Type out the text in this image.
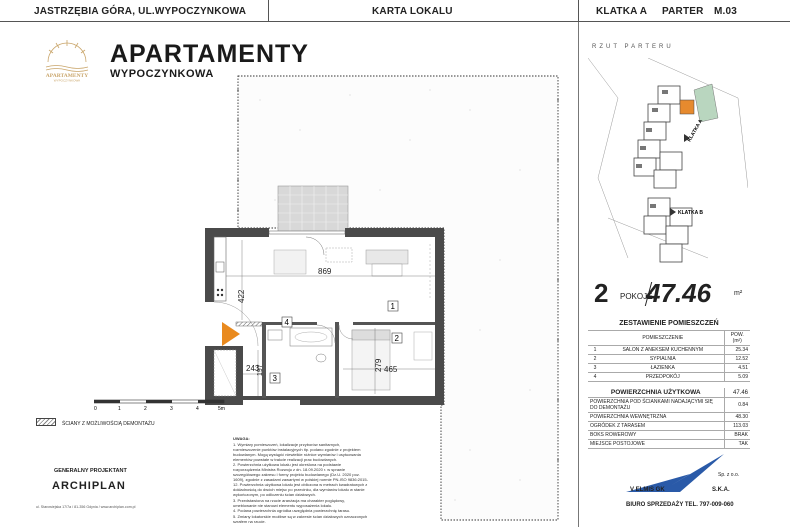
JASTRZĘBIA GÓRA, UL.WYPOCZYNKOWA	KARTA LOKALU	KLATKA A PARTER M.03
APARTAMENTY
WYPOCZYNKOWA
APARTAMENTY
WYPOCZYNKOWA
869
422
279 465
243
197
1
2
3
4
0	1	2	3	4	5m
ŚCIANY Z MOŻLIWOŚCIĄ DEMONTAŻU

UWAGA:

1. Wymiary pomieszczeń, lokalizacje przyborów sanitarnych, rozmieszczenie punktów instalacyjnych itp. podano zgodnie z projektem budowlanym. Mogą wystąpić niewielkie różnice wymiarów i usytuowania elementów powstałe w trakcie realizacji prac budowlanych.

2. Powierzchnia użytkowa lokalu jest określona na podstawie rozporządzenia Ministra Rozwoju z dn. 18.09.2020 r. w sprawie szczegółowego zakresu i formy projektu budowlanego (Dz.U. 2020 poz. 1609), zgodnie z zasadami zawartymi w polskiej normie PN-ISO 9836:2015-12. Powierzchnia użytkowa lokalu jest obliczona w metrach kwadratowych z dokładnością do dwóch miejsc po przecinku, dla wymiarów lokalu w stanie wykończonym, po odliczeniu ścian działowych.

3. Przedstawiona na rzucie aranżacja ma charakter poglądowy, umeblowanie nie stanowi elementu wyposażenia lokalu.

4. Podana powierzchnia ogródka uwzględnia powierzchnię tarasu.

5. Zmiany lokatorskie możliwe są w zakresie ścian działowych oznaczonych szrafem na rzucie.

GENERALNY PROJEKTANT
ARCHIPLAN
ul. Starowiejska 17/7a / 81-356 Gdynia / www.archiplan.com.pl
RZUT PARTERU
KLATKA A
KLATKA B
2 POKOJE
47.46	m²
ZESTAWIENIE POMIESZCZEŃ
	POMIESZCZENIE	POW. (m²)
1	SALON Z ANEKSEM KUCHENNYM	25.34
2	SYPIALNIA	12.52
3	ŁAZIENKA	4.51
4	PRZEDPOKÓJ	5.09
POWIERZCHNIA UŻYTKOWA	47.46
POWIERZCHNIA POD ŚCIANKAMI NADAJĄCYMI SIĘ DO DEMONTAŻU	0.84
POWIERZCHNIA WEWNĘTRZNA	48.30
OGRÓDEK Z TARASEM	113.03
BOKS ROWEROWY	BRAK
MIEJSCE POSTOJOWE	TAK
Sp. z o.o.
V ELMIS GK	S.K.A.
BIURO SPRZEDAŻY TEL. 797-009-060
